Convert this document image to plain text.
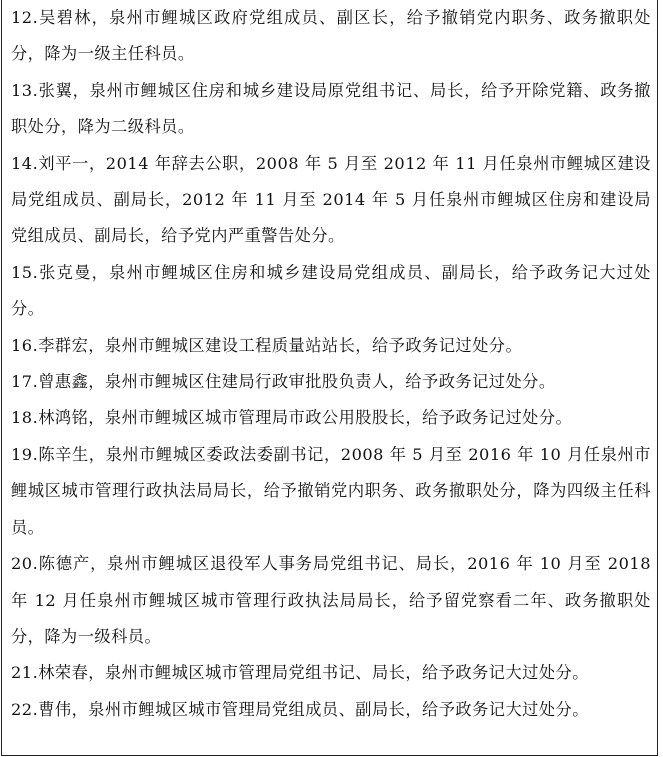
12.吴碧林，泉州市鲤城区政府党组成员、副区长，给予撤销党内职务、政务撤职处分，降为一级主任科员。

13.张翼，泉州市鲤城区住房和城乡建设局原党组书记、局长，给予开除党籍、政务撤职处分，降为二级科员。

14.刘平一，2014 年辞去公职，2008 年 5 月至 2012 年 11 月任泉州市鲤城区建设局党组成员、副局长，2012 年 11 月至 2014 年 5 月任泉州市鲤城区住房和建设局党组成员、副局长，给予党内严重警告处分。

15.张克曼，泉州市鲤城区住房和城乡建设局党组成员、副局长，给予政务记大过处分。

16.李群宏，泉州市鲤城区建设工程质量站站长，给予政务记过处分。

17.曾惠鑫，泉州市鲤城区住建局行政审批股负责人，给予政务记过处分。

18.林鸿铭，泉州市鲤城区城市管理局市政公用股股长，给予政务记过处分。

19.陈辛生，泉州市鲤城区委政法委副书记，2008 年 5 月至 2016 年 10 月任泉州市鲤城区城市管理行政执法局局长，给予撤销党内职务、政务撤职处分，降为四级主任科员。

20.陈德产，泉州市鲤城区退役军人事务局党组书记、局长，2016 年 10 月至 2018 年 12 月任泉州市鲤城区城市管理行政执法局局长，给予留党察看二年、政务撤职处分，降为一级科员。

21.林荣春，泉州市鲤城区城市管理局党组书记、局长，给予政务记大过处分。

22.曹伟，泉州市鲤城区城市管理局党组成员、副局长，给予政务记大过处分。
